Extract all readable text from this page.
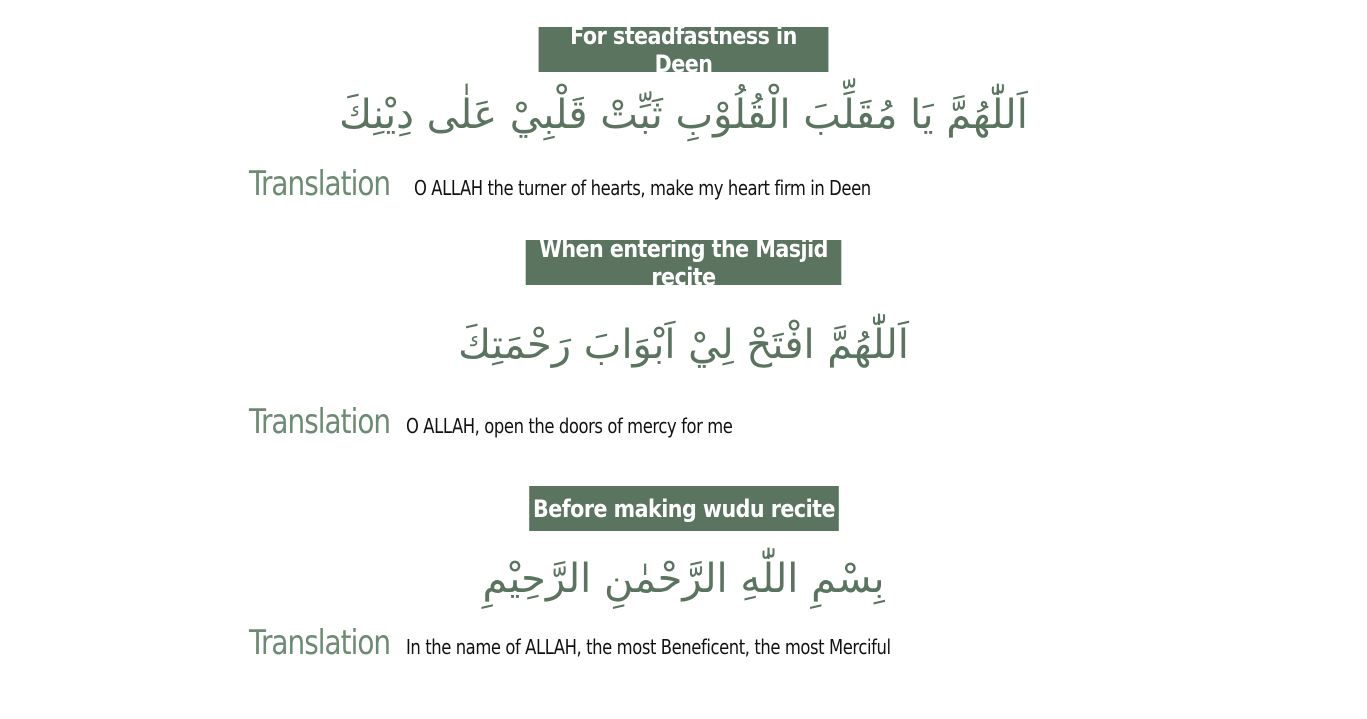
For steadfastness in Deen
اَللّٰهُمَّ يَا مُقَلِّبَ الْقُلُوْبِ ثَبِّتْ قَلْبِيْ عَلٰى دِيْنِكَ
Translation O ALLAH the turner of hearts, make my heart firm in Deen
When entering the Masjid recite
اَللّٰهُمَّ افْتَحْ لِيْ اَبْوَابَ رَحْمَتِكَ
Translation O ALLAH, open the doors of mercy for me
Before making wudu recite
بِسْمِ اللّٰهِ الرَّحْمٰنِ الرَّحِيْمِ
Translation In the name of ALLAH, the most Beneficent, the most Merciful
